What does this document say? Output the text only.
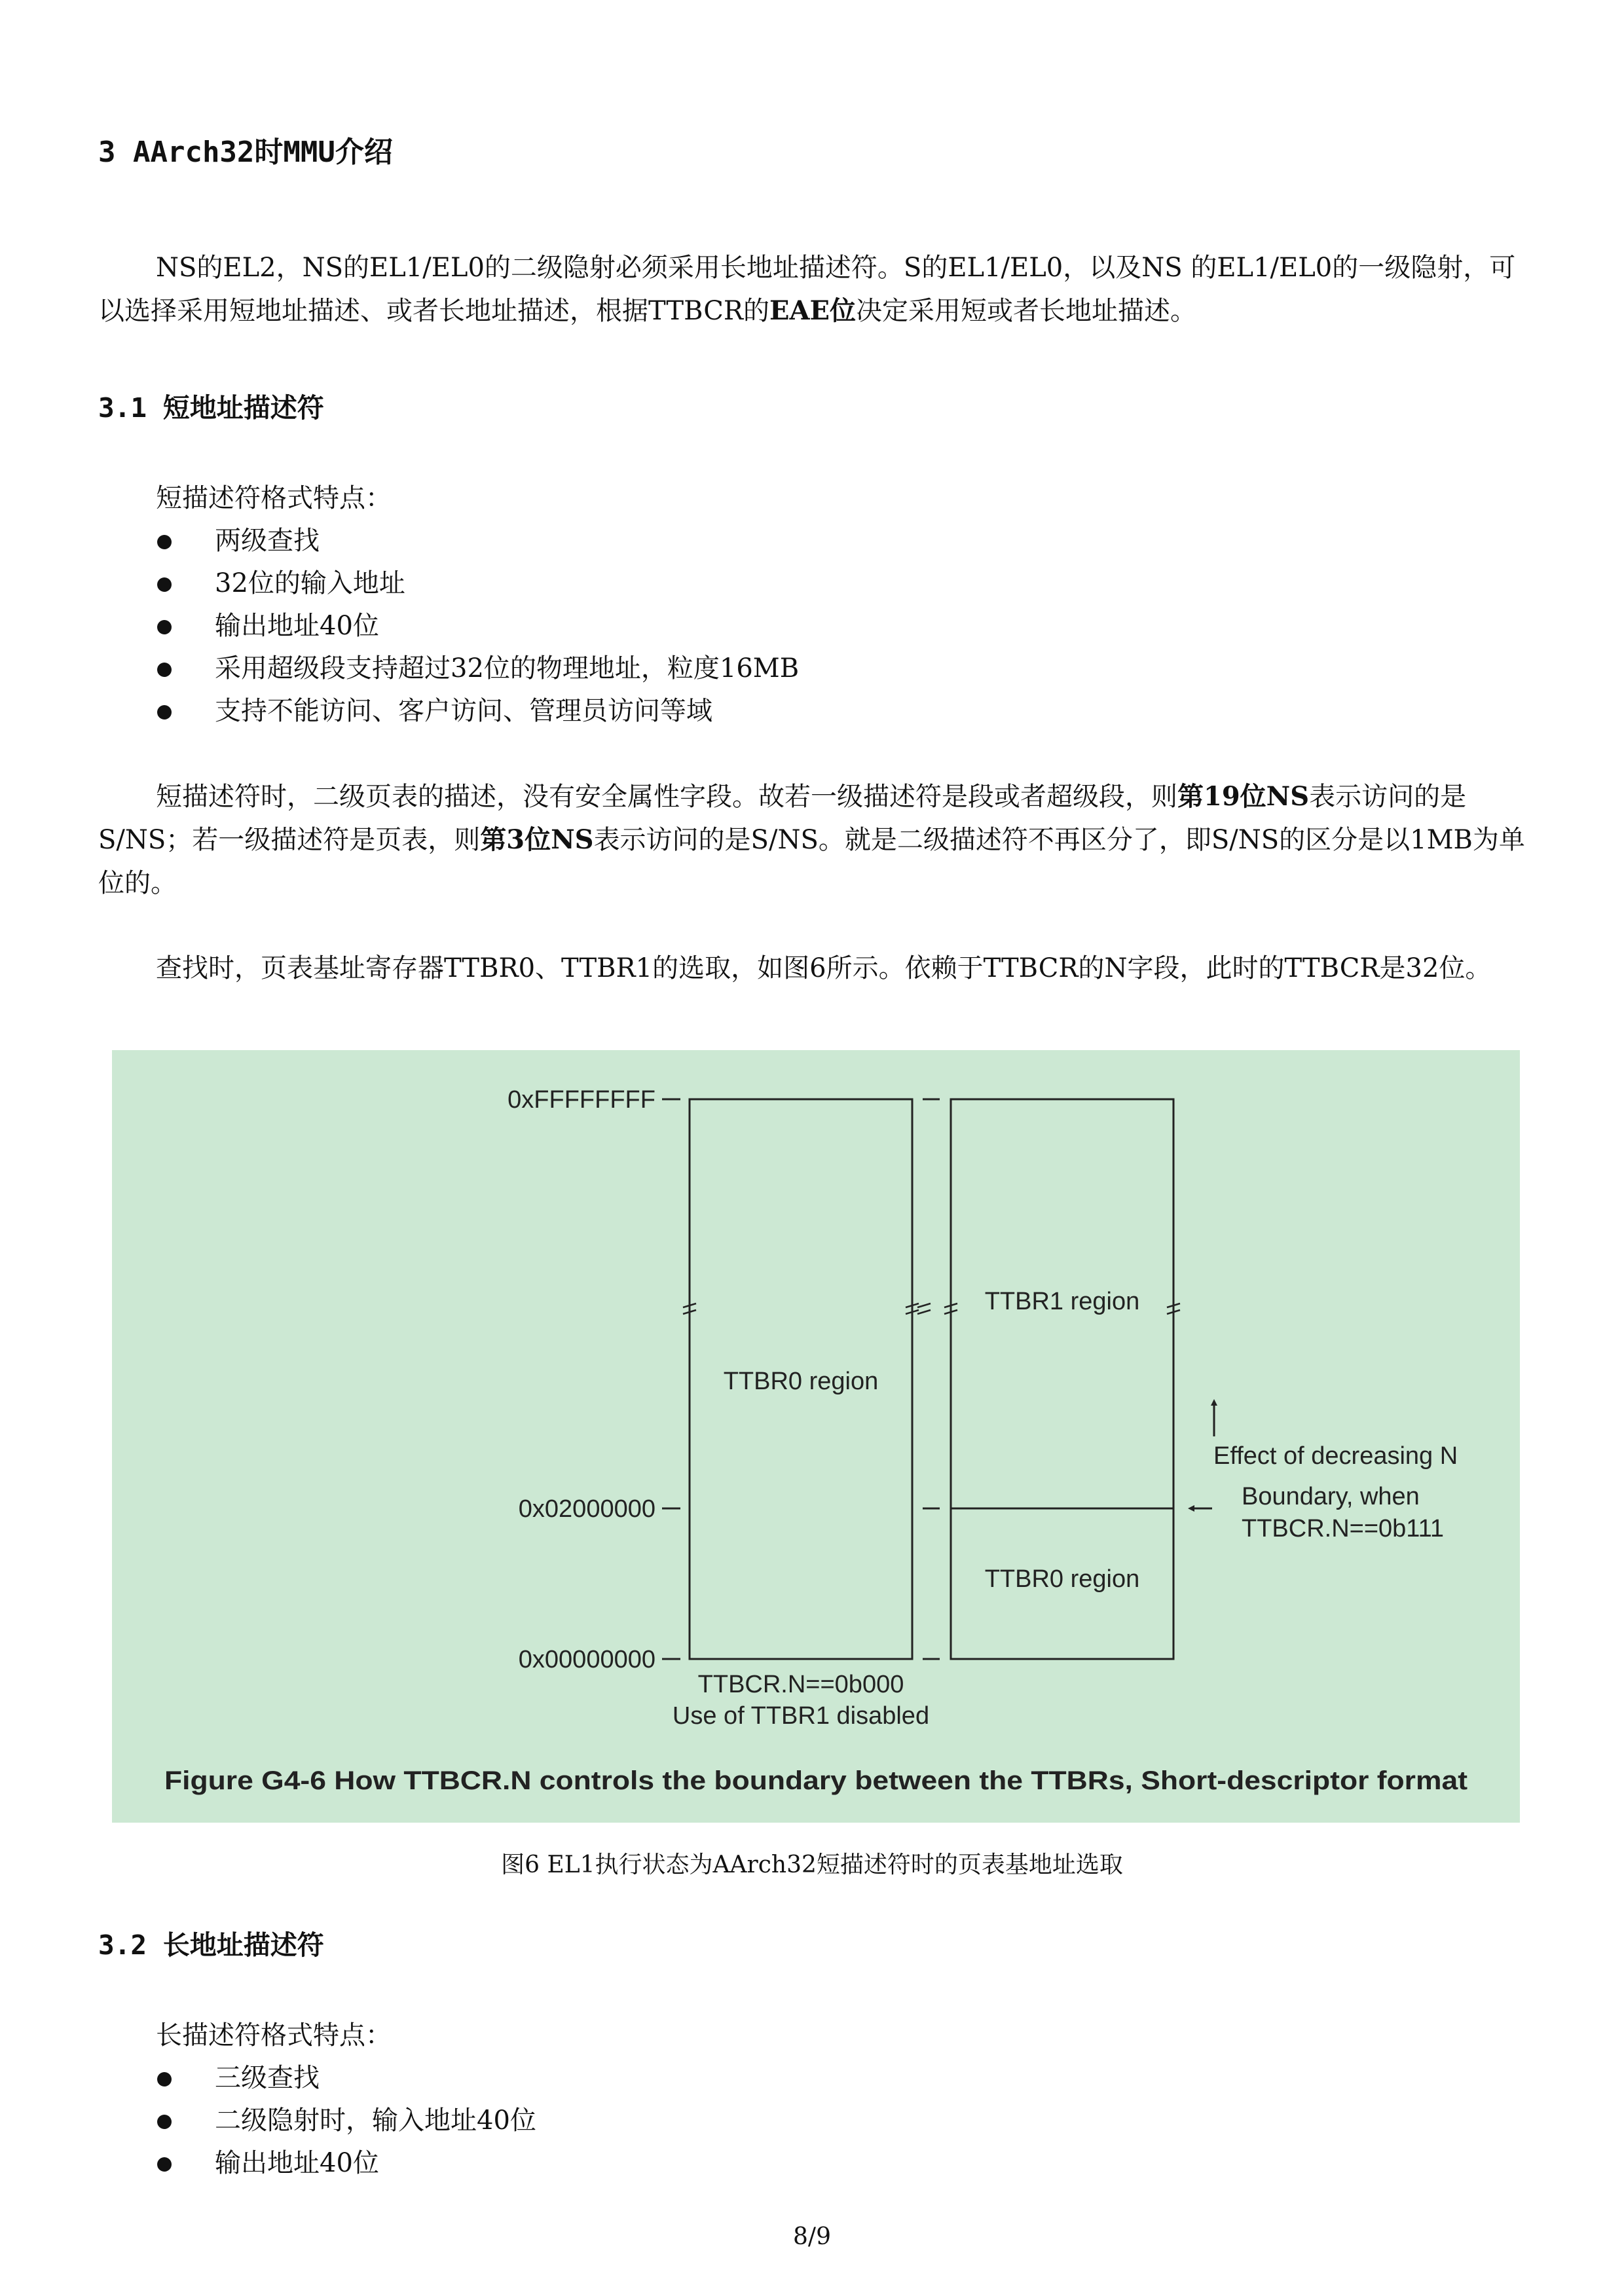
3 AArch32时MMU介绍

NS的EL2，NS的EL1/EL0的二级隐射必须采用长地址描述符。S的EL1/EL0，以及NS 的EL1/EL0的一级隐射，可以选择采用短地址描述、或者长地址描述，根据TTBCR的EAE位决定采用短或者长地址描述。

3.1 短地址描述符
短描述符格式特点：
两级查找
32位的输入地址
输出地址40位
采用超级段支持超过32位的物理地址，粒度16MB
支持不能访问、客户访问、管理员访问等域

短描述符时，二级页表的描述，没有安全属性字段。故若一级描述符是段或者超级段，则第19位NS表示访问的是S/NS；若一级描述符是页表，则第3位NS表示访问的是S/NS。就是二级描述符不再区分了，即S/NS的区分是以1MB为单位的。

查找时，页表基址寄存器TTBR0、TTBR1的选取，如图6所示。依赖于TTBCR的N字段，此时的TTBCR是32位。

0xFFFFFFFF
0x02000000
0x00000000
TTBR0 region
TTBR1 region
TTBR0 region
Effect of decreasing N
Boundary, when
TTBCR.N==0b111
TTBCR.N==0b000
Use of TTBR1 disabled
Figure G4-6 How TTBCR.N controls the boundary between the TTBRs, Short-descriptor format
图6 EL1执行状态为AArch32短描述符时的页表基地址选取
3.2 长地址描述符
长描述符格式特点：
三级查找
二级隐射时，输入地址40位
输出地址40位
8/9
